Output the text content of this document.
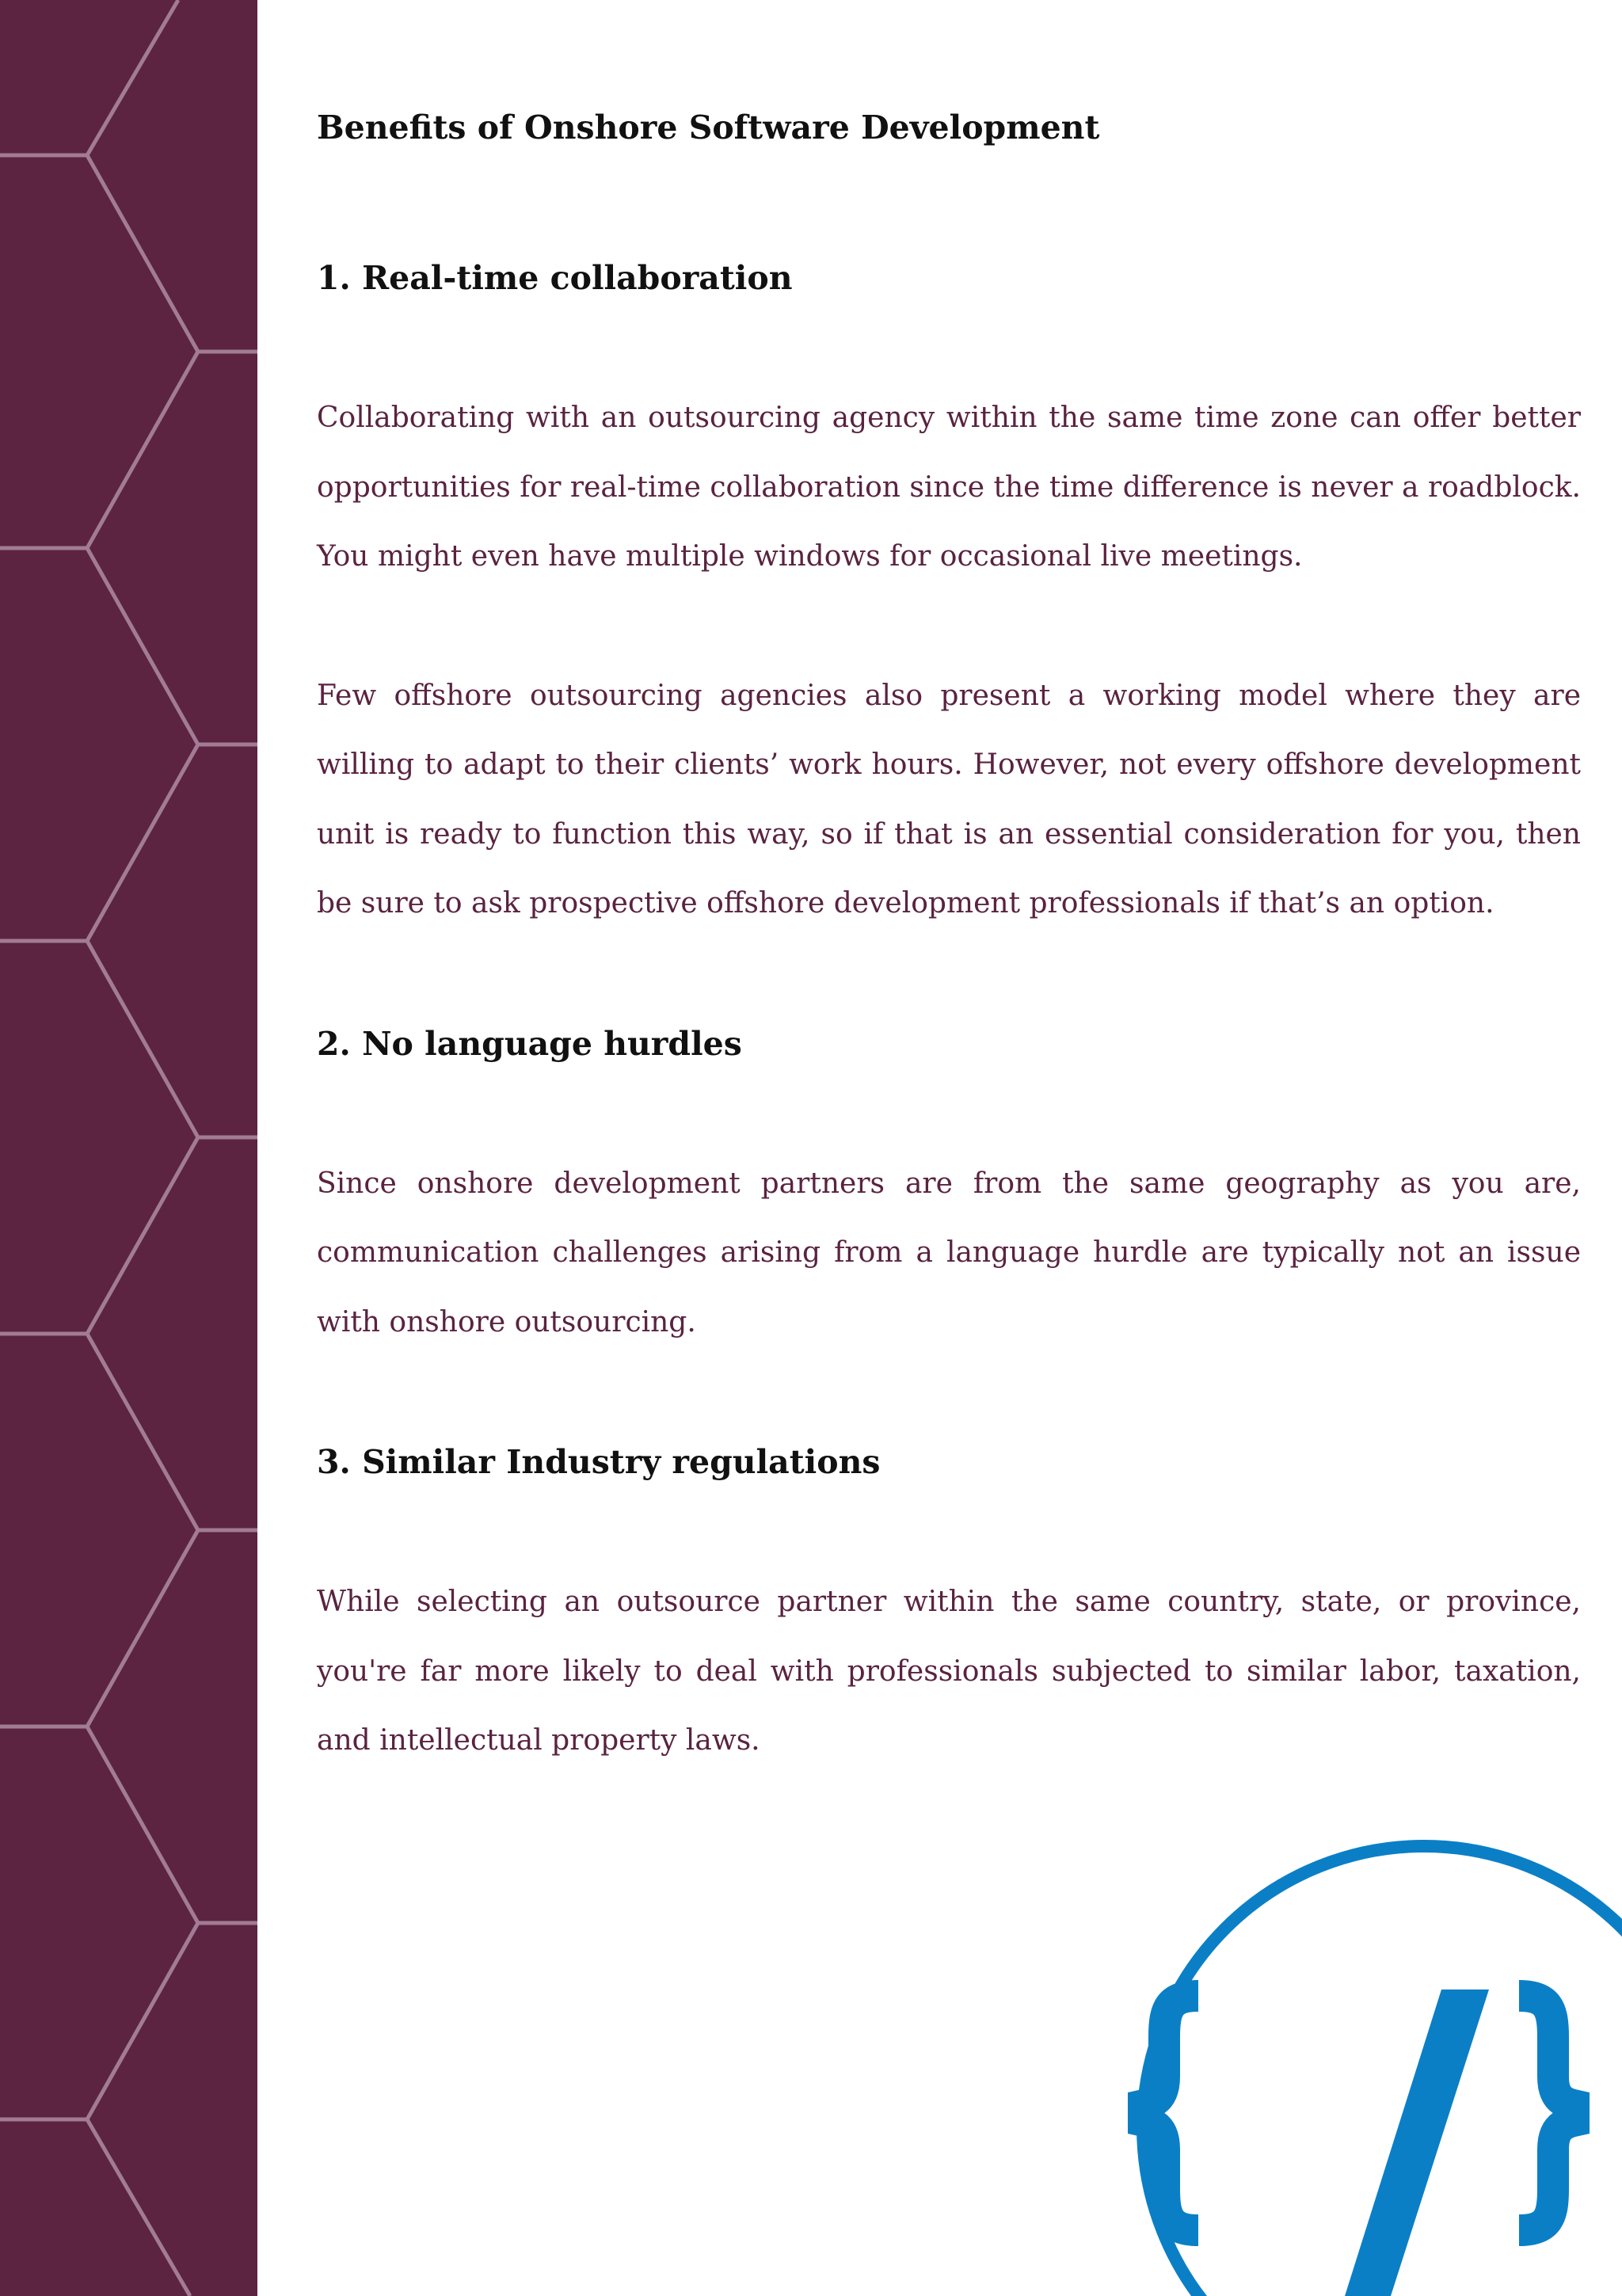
Benefits of Onshore Software Development
1. Real-time collaboration

Collaborating with an outsourcing agency within the same time zone can offer better opportunities for real-time collaboration since the time difference is never a roadblock. You might even have multiple windows for occasional live meetings.

Few offshore outsourcing agencies also present a working model where they are willing to adapt to their clients’ work hours. However, not every offshore development unit is ready to function this way, so if that is an essential consideration for you, then be sure to ask prospective offshore development professionals if that’s an option.

2. No language hurdles

Since onshore development partners are from the same geography as you are, communication challenges arising from a language hurdle are typically not an issue with onshore outsourcing.

3. Similar Industry regulations

While selecting an outsource partner within the same country, state, or province, you're far more likely to deal with professionals subjected to similar labor, taxation, and intellectual property laws.
